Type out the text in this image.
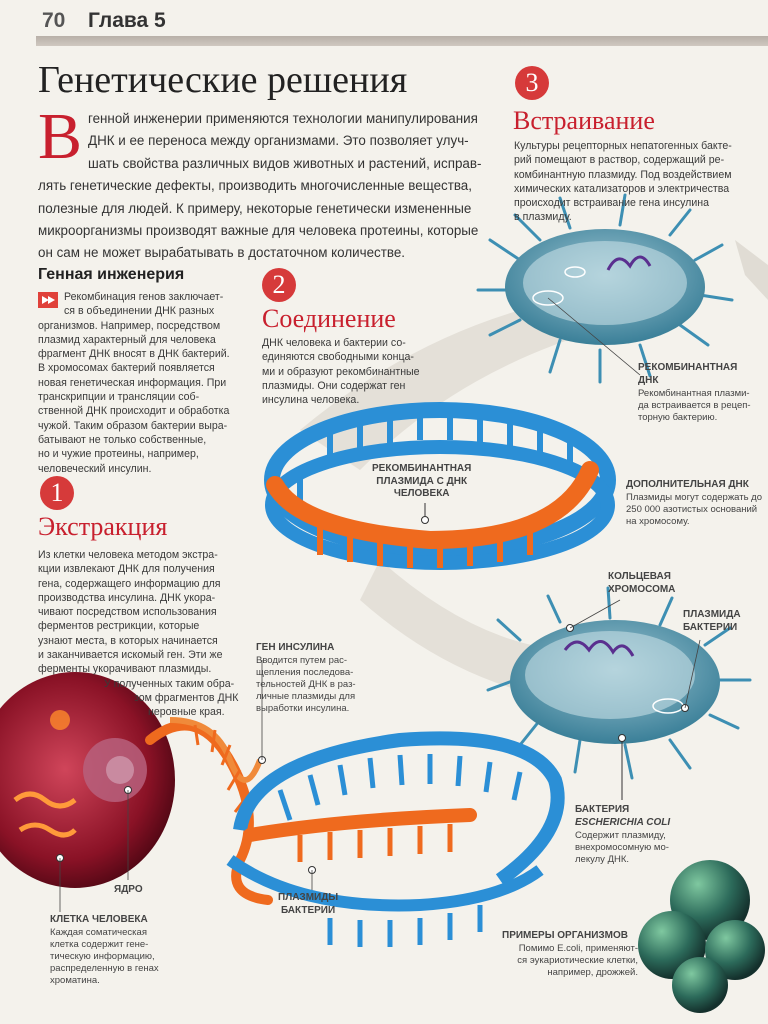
70 Глава 5
Генетические решения
В генной инженерии применяются технологии манипулирования
ДНК и ее переноса между организмами. Это позволяет улуч-
шать свойства различных видов животных и растений, исправ-
лять генетические дефекты, производить многочисленные вещества,
полезные для людей. К примеру, некоторые генетически измененные
микроорганизмы производят важные для человека протеины, которые
он сам не может вырабатывать в достаточном количестве.
Генная инженерия
Рекомбинация генов заключает-
ся в объединении ДНК разных
организмов. Например, посредством
плазмид характерный для человека
фрагмент ДНК вносят в ДНК бактерий.
В хромосомах бактерий появляется
новая генетическая информация. При
транскрипции и трансляции соб-
ственной ДНК происходит и обработка
чужой. Таким образом бактерии выра-
батывают не только собственные,
но и чужие протеины, например,
человеческий инсулин.
1
Экстракция
Из клетки человека методом экстра-
кции извлекают ДНК для получения
гена, содержащего информацию для
производства инсулина. ДНК укора-
чивают посредством использования
ферментов рестрикции, которые
узнают места, в которых начинается
и заканчивается искомый ген. Эти же
ферменты укорачивают плазмиды.
У полученных таким обра-
зом фрагментов ДНК
неровные края.
2
Соединение
ДНК человека и бактерии со-
единяются свободными конца-
ми и образуют рекомбинантные
плазмиды. Они содержат ген
инсулина человека.
3
Встраивание
Культуры рецепторных непатогенных бакте-
рий помещают в раствор, содержащий ре-
комбинантную плазмиду. Под воздействием
химических катализаторов и электричества
происходит встраивание гена инсулина
в плазмиду.
РЕКОМБИНАНТНАЯ
ДНК
Рекомбинантная плазми-
да встраивается в рецеп-
торную бактерию.
РЕКОМБИНАНТНАЯ
ПЛАЗМИДА С ДНК
ЧЕЛОВЕКА
ДОПОЛНИТЕЛЬНАЯ ДНК
Плазмиды могут содержать до
250 000 азотистых оснований
на хромосому.
КОЛЬЦЕВАЯ
ХРОМОСОМА
ПЛАЗМИДА
БАКТЕРИИ
ГЕН ИНСУЛИНА
Вводится путем рас-
щепления последова-
тельностей ДНК в раз-
личные плазмиды для
выработки инсулина.
БАКТЕРИЯ
ESCHERICHIA COLI
Содержит плазмиду,
внехромосомную мо-
лекулу ДНК.
ЯДРО
КЛЕТКА ЧЕЛОВЕКА
Каждая соматическая
клетка содержит гене-
тическую информацию,
распределенную в генах
хроматина.
ПЛАЗМИДЫ
БАКТЕРИИ
ПРИМЕРЫ ОРГАНИЗМОВ
Помимо E.coli, применяют-
ся эукариотические клетки,
например, дрожжей.
